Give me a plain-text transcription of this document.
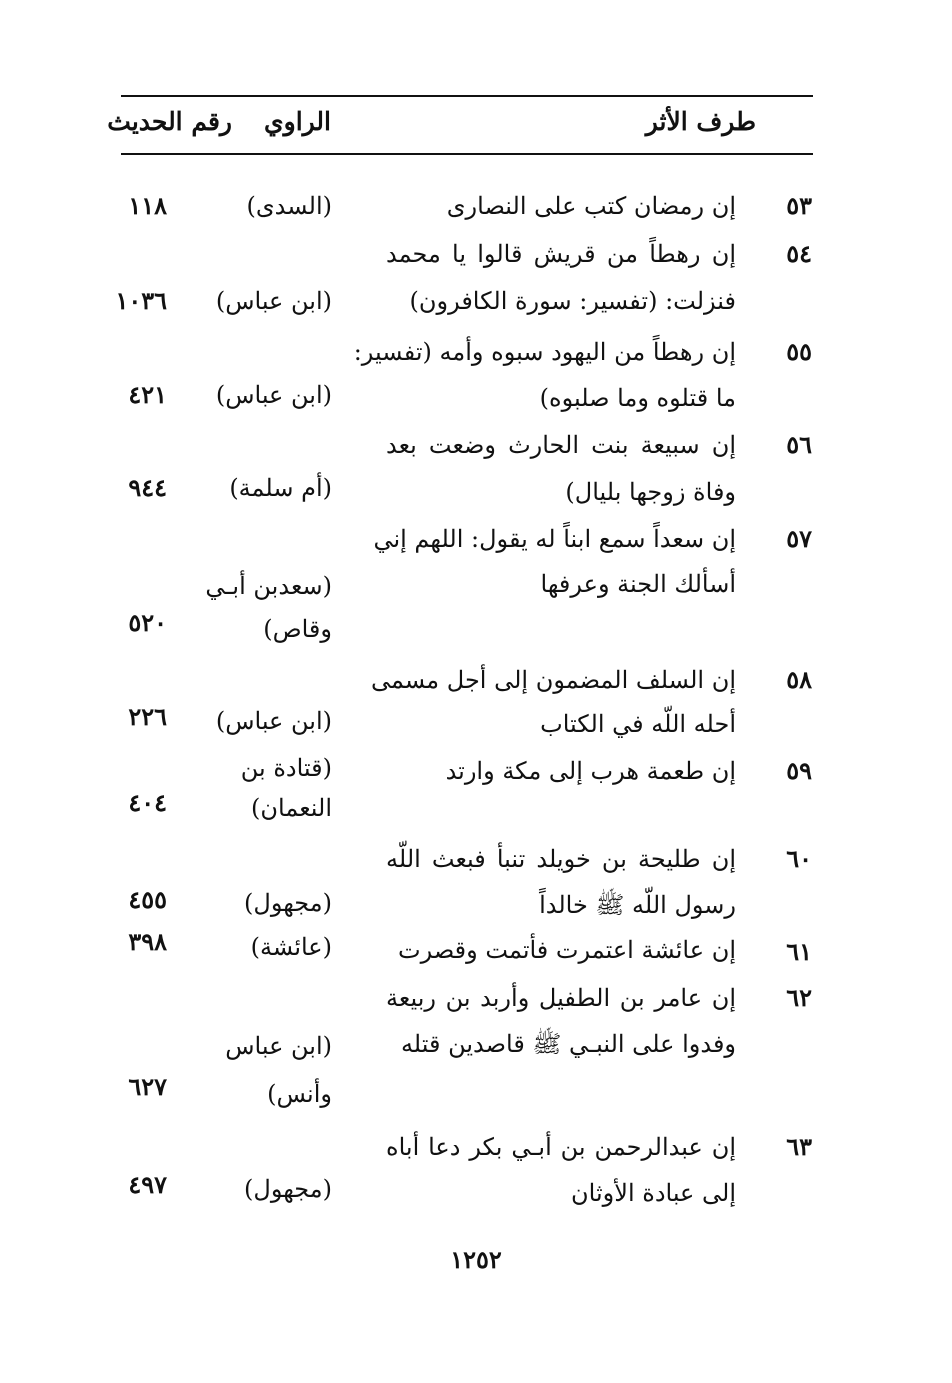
طرف الأثر
الراوي
رقم الحديث
٥٣
إن رمضان كتب على النصارى
(السدى)
١١٨
٥٤
إن رهطاً من قريش قالوا يا محمد
فنزلت: (تفسير: سورة الكافرون)
(ابن عباس)
١٠٣٦
٥٥
إن رهطاً من اليهود سبوه وأمه (تفسير:
ما قتلوه وما صلبوه)
(ابن عباس)
٤٢١
٥٦
إن سبيعة بنت الحارث وضعت بعد
وفاة زوجها بليال)
(أم سلمة)
٩٤٤
٥٧
إن سعداً سمع ابناً له يقول: اللهم إني
أسألك الجنة وعرفها
(سعدبن أبـي
وقاص)
٥٢٠
٥٨
إن السلف المضمون إلى أجل مسمى
أحله اللّه في الكتاب
(ابن عباس)
٢٢٦
٥٩
إن طعمة هرب إلى مكة وارتد
(قتادة بن
النعمان)
٤٠٤
٦٠
إن طليحة بن خويلد تنبأ فبعث اللّه
رسول اللّه ﷺ خالداً
(مجهول)
٤٥٥
٦١
إن عائشة اعتمرت فأتمت وقصرت
(عائشة)
٣٩٨
٦٢
إن عامر بن الطفيل وأربد بن ربيعة
وفدوا على النبـي ﷺ قاصدين قتله
(ابن عباس
وأنس)
٦٢٧
٦٣
إن عبدالرحمن بن أبـي بكر دعا أباه
إلى عبادة الأوثان
(مجهول)
٤٩٧
١٢٥٢
